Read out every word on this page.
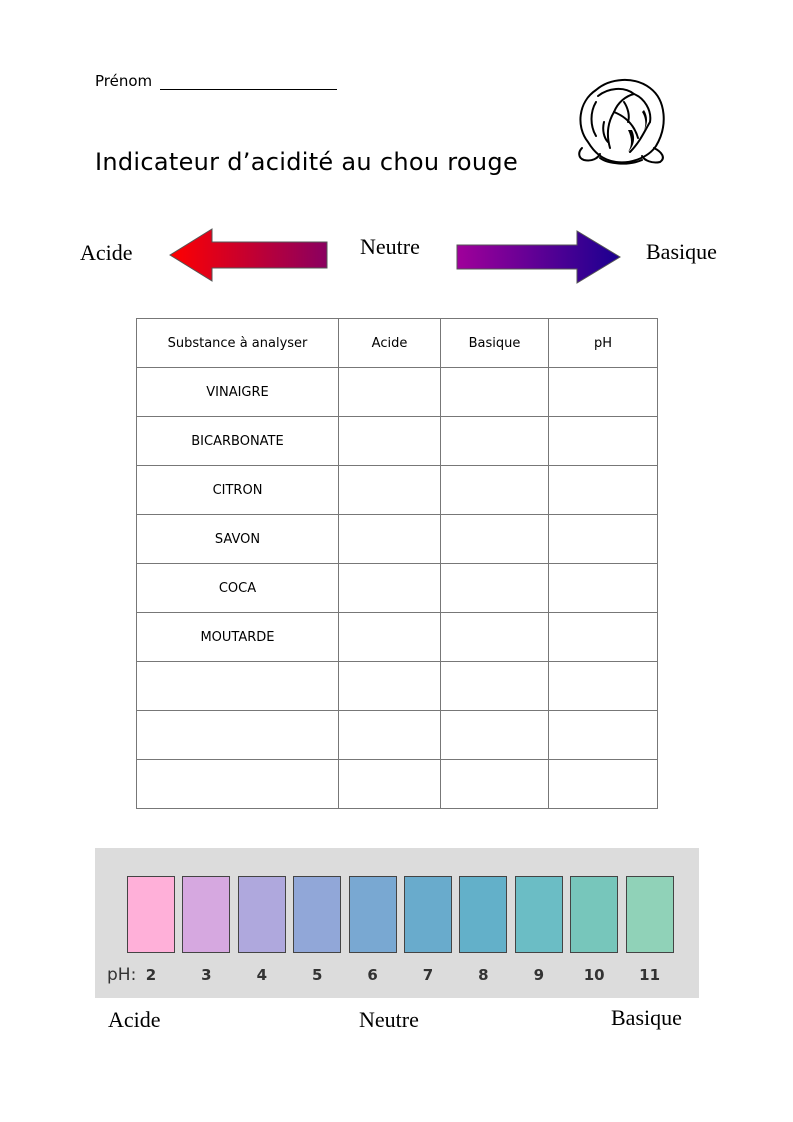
Prénom
Indicateur d’acidité au chou rouge
Acide	Neutre	Basique
Substance à analyser	Acide	Basique	pH
VINAIGRE			
BICARBONATE			
CITRON			
SAVON			
COCA			
MOUTARDE			

pH: 2	3	4	5	6	7	8	9	10	11
Acide	Neutre	Basique
